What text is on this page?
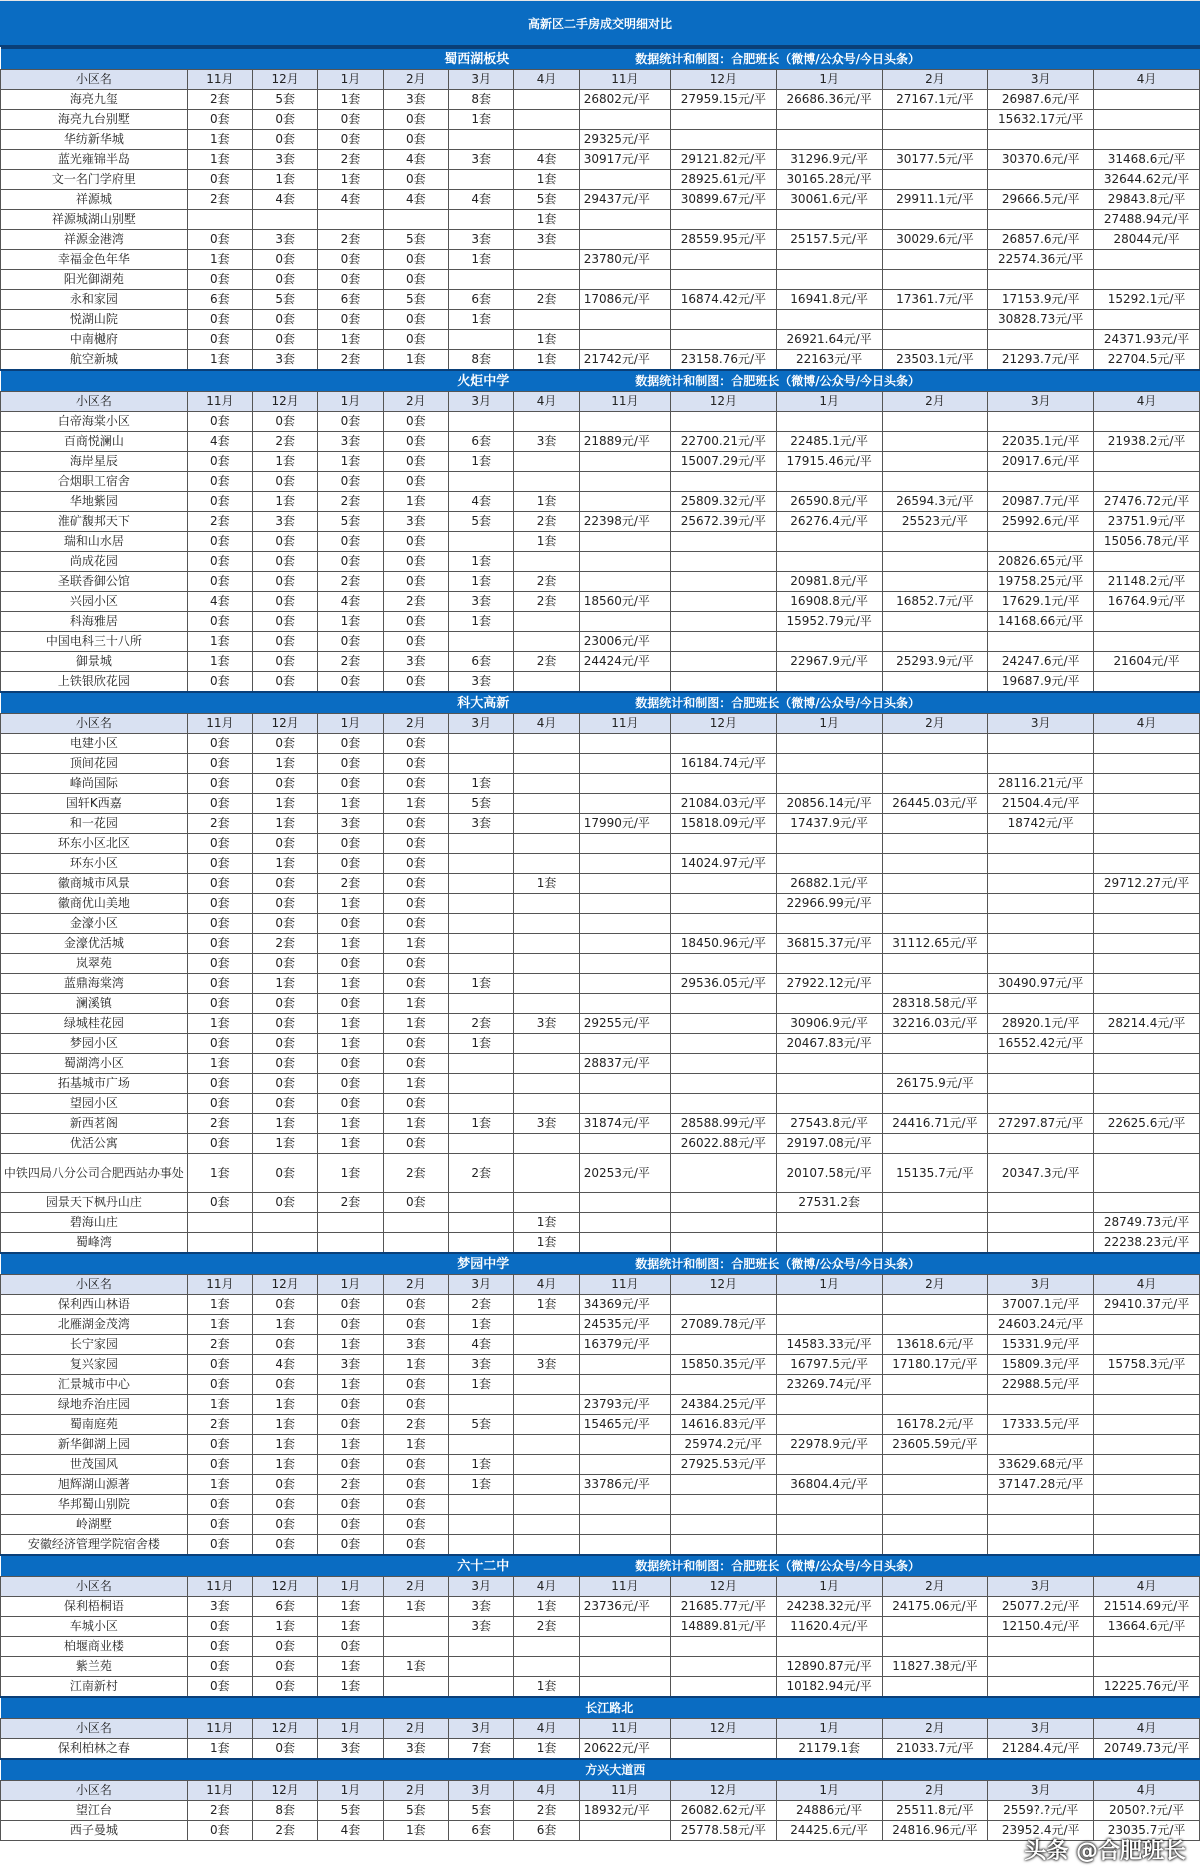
高新区二手房成交明细对比
蜀西湖板块							数据统计和制图：合肥班长（微博/公众号/今日头条）					
小区名	11月	12月	1月	2月	3月	4月	11月	12月	1月	2月	3月	4月
海亮九玺	2套	5套	1套	3套	8套		26802元/平	27959.15元/平	26686.36元/平	27167.1元/平	26987.6元/平	
海亮九台别墅	0套	0套	0套	0套	1套						15632.17元/平	
华纺新华城	1套	0套	0套	0套			29325元/平					
蓝光雍锦半岛	1套	3套	2套	4套	3套	4套	30917元/平	29121.82元/平	31296.9元/平	30177.5元/平	30370.6元/平	31468.6元/平
文一名门学府里	0套	1套	1套	0套		1套		28925.61元/平	30165.28元/平			32644.62元/平
祥源城	2套	4套	4套	4套	4套	5套	29437元/平	30899.67元/平	30061.6元/平	29911.1元/平	29666.5元/平	29843.8元/平
祥源城湖山别墅						1套						27488.94元/平
祥源金港湾	0套	3套	2套	5套	3套	3套		28559.95元/平	25157.5元/平	30029.6元/平	26857.6元/平	28044元/平
幸福金色年华	1套	0套	0套	0套	1套		23780元/平				22574.36元/平	
阳光御湖苑	0套	0套	0套	0套								
永和家园	6套	5套	6套	5套	6套	2套	17086元/平	16874.42元/平	16941.8元/平	17361.7元/平	17153.9元/平	15292.1元/平
悦湖山院	0套	0套	0套	0套	1套						30828.73元/平	
中南樾府	0套	0套	1套	0套		1套			26921.64元/平			24371.93元/平
航空新城	1套	3套	2套	1套	8套	1套	21742元/平	23158.76元/平	22163元/平	23503.1元/平	21293.7元/平	22704.5元/平
火炬中学							数据统计和制图：合肥班长（微博/公众号/今日头条）					
小区名	11月	12月	1月	2月	3月	4月	11月	12月	1月	2月	3月	4月
白帝海棠小区	0套	0套	0套	0套								
百商悦澜山	4套	2套	3套	0套	6套	3套	21889元/平	22700.21元/平	22485.1元/平		22035.1元/平	21938.2元/平
海岸星辰	0套	1套	1套	0套	1套			15007.29元/平	17915.46元/平		20917.6元/平	
合烟职工宿舍	0套	0套	0套	0套								
华地紫园	0套	1套	2套	1套	4套	1套		25809.32元/平	26590.8元/平	26594.3元/平	20987.7元/平	27476.72元/平
淮矿馥邦天下	2套	3套	5套	3套	5套	2套	22398元/平	25672.39元/平	26276.4元/平	25523元/平	25992.6元/平	23751.9元/平
瑞和山水居	0套	0套	0套	0套		1套						15056.78元/平
尚成花园	0套	0套	0套	0套	1套						20826.65元/平	
圣联香御公馆	0套	0套	2套	0套	1套	2套			20981.8元/平		19758.25元/平	21148.2元/平
兴园小区	4套	0套	4套	2套	3套	2套	18560元/平		16908.8元/平	16852.7元/平	17629.1元/平	16764.9元/平
科海雅居	0套	0套	1套	0套	1套				15952.79元/平		14168.66元/平	
中国电科三十八所	1套	0套	0套	0套			23006元/平					
御景城	1套	0套	2套	3套	6套	2套	24424元/平		22967.9元/平	25293.9元/平	24247.6元/平	21604元/平
上铁银欣花园	0套	0套	0套	0套	3套						19687.9元/平	
科大高新							数据统计和制图：合肥班长（微博/公众号/今日头条）					
小区名	11月	12月	1月	2月	3月	4月	11月	12月	1月	2月	3月	4月
电建小区	0套	0套	0套	0套								
顶间花园	0套	1套	0套	0套				16184.74元/平				
峰尚国际	0套	0套	0套	0套	1套						28116.21元/平	
国轩K西嘉	0套	1套	1套	1套	5套			21084.03元/平	20856.14元/平	26445.03元/平	21504.4元/平	
和一花园	2套	1套	3套	0套	3套		17990元/平	15818.09元/平	17437.9元/平		18742元/平	
环东小区北区	0套	0套	0套	0套								
环东小区	0套	1套	0套	0套				14024.97元/平				
徽商城市风景	0套	0套	2套	0套		1套			26882.1元/平			29712.27元/平
徽商优山美地	0套	0套	1套	0套					22966.99元/平			
金濠小区	0套	0套	0套	0套								
金濠优活城	0套	2套	1套	1套				18450.96元/平	36815.37元/平	31112.65元/平		
岚翠苑	0套	0套	0套	0套								
蓝鼎海棠湾	0套	1套	1套	0套	1套			29536.05元/平	27922.12元/平		30490.97元/平	
澜溪镇	0套	0套	0套	1套						28318.58元/平		
绿城桂花园	1套	0套	1套	1套	2套	3套	29255元/平		30906.9元/平	32216.03元/平	28920.1元/平	28214.4元/平
梦园小区	0套	0套	1套	0套	1套				20467.83元/平		16552.42元/平	
蜀湖湾小区	1套	0套	0套	0套			28837元/平					
拓基城市广场	0套	0套	0套	1套						26175.9元/平		
望园小区	0套	0套	0套	0套								
新西茗阁	2套	1套	1套	1套	1套	3套	31874元/平	28588.99元/平	27543.8元/平	24416.71元/平	27297.87元/平	22625.6元/平
优活公寓	0套	1套	1套	0套				26022.88元/平	29197.08元/平			
中铁四局八分公司合肥西站办事处	1套	0套	1套	2套	2套		20253元/平		20107.58元/平	15135.7元/平	20347.3元/平	
园景天下枫丹山庄	0套	0套	2套	0套					27531.2套			
碧海山庄						1套						28749.73元/平
蜀峰湾						1套						22238.23元/平
梦园中学							数据统计和制图：合肥班长（微博/公众号/今日头条）					
小区名	11月	12月	1月	2月	3月	4月	11月	12月	1月	2月	3月	4月
保利西山林语	1套	0套	0套	0套	2套	1套	34369元/平				37007.1元/平	29410.37元/平
北雁湖金茂湾	1套	1套	0套	0套	1套		24535元/平	27089.78元/平			24603.24元/平	
长宁家园	2套	0套	1套	3套	4套		16379元/平		14583.33元/平	13618.6元/平	15331.9元/平	
复兴家园	0套	4套	3套	1套	3套	3套		15850.35元/平	16797.5元/平	17180.17元/平	15809.3元/平	15758.3元/平
汇景城市中心	0套	0套	1套	0套	1套				23269.74元/平		22988.5元/平	
绿地乔治庄园	1套	1套	0套	0套			23793元/平	24384.25元/平				
蜀南庭苑	2套	1套	0套	2套	5套		15465元/平	14616.83元/平		16178.2元/平	17333.5元/平	
新华御湖上园	0套	1套	1套	1套				25974.2元/平	22978.9元/平	23605.59元/平		
世茂国风	0套	1套	0套	0套	1套			27925.53元/平			33629.68元/平	
旭辉湖山源著	1套	0套	2套	0套	1套		33786元/平		36804.4元/平		37147.28元/平	
华邦蜀山别院	0套	0套	0套	0套								
岭湖墅	0套	0套	0套	0套								
安徽经济管理学院宿舍楼	0套	0套	0套	0套								
六十二中							数据统计和制图：合肥班长（微博/公众号/今日头条）					
小区名	11月	12月	1月	2月	3月	4月	11月	12月	1月	2月	3月	4月
保利梧桐语	3套	6套	1套	1套	3套	1套	23736元/平	21685.77元/平	24238.32元/平	24175.06元/平	25077.2元/平	21514.69元/平
车城小区	0套	1套	1套		3套	2套		14889.81元/平	11620.4元/平		12150.4元/平	13664.6元/平
柏堰商业楼	0套	0套	0套									
紫兰苑	0套	0套	1套	1套					12890.87元/平	11827.38元/平		
江南新村	0套	0套	1套			1套			10182.94元/平			12225.76元/平
							长江路北					
小区名	11月	12月	1月	2月	3月	4月	11月	12月	1月	2月	3月	4月
保利柏林之春	1套	0套	3套	3套	7套	1套	20622元/平		21179.1套	21033.7元/平	21284.4元/平	20749.73元/平
							方兴大道西					
小区名	11月	12月	1月	2月	3月	4月	11月	12月	1月	2月	3月	4月
望江台	2套	8套	5套	5套	5套	2套	18932元/平	26082.62元/平	24886元/平	25511.8元/平	2559?.?元/平	2050?.?元/平
西子曼城	0套	2套	4套	1套	6套	6套		25778.58元/平	24425.6元/平	24816.96元/平	23952.4元/平	23035.7元/平
头条 @合肥班长
